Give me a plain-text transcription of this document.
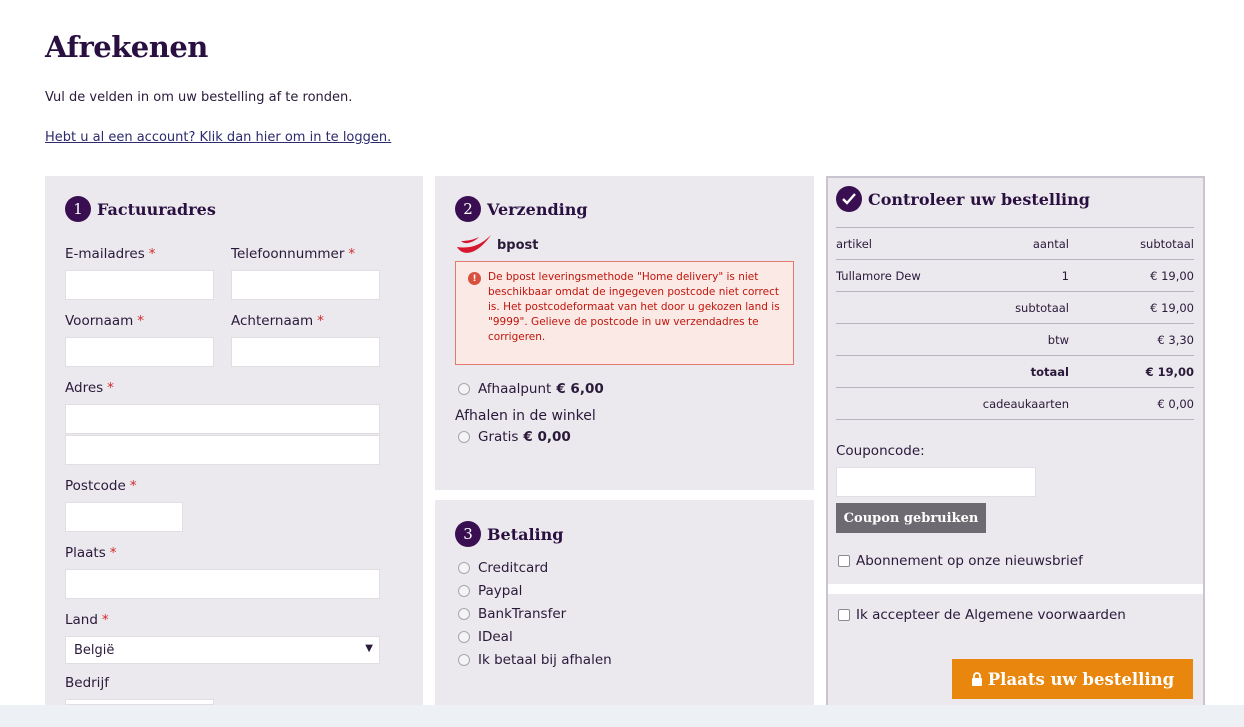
Afrekenen

Vul de velden in om uw bestelling af te ronden.

Hebt u al een account? Klik dan hier om in te loggen.
1 Factuuradres
E-mailadres *	Telefoonnummer *
Voornaam *	Achternaam *
Adres *
Postcode *
Plaats *
Land *
België	▼
Bedrijf
2 Verzending
bpost
!	De bpost leveringsmethode "Home delivery" is niet beschikbaar omdat de ingegeven postcode niet correct is. Het postcodeformaat van het door u gekozen land is "9999". Gelieve de postcode in uw verzendadres te corrigeren.
Afhaalpunt € 6,00
Afhalen in de winkel
Gratis € 0,00
3 Betaling
Creditcard
Paypal
BankTransfer
IDeal
Ik betaal bij afhalen
Controleer uw bestelling
artikel	aantal	subtotaal
Tullamore Dew	1	€ 19,00
subtotaal	€ 19,00
btw	€ 3,30
totaal	€ 19,00
cadeaukaarten	€ 0,00
Couponcode:
Coupon gebruiken
Abonnement op onze nieuwsbrief
Ik accepteer de Algemene voorwaarden
Plaats uw bestelling
